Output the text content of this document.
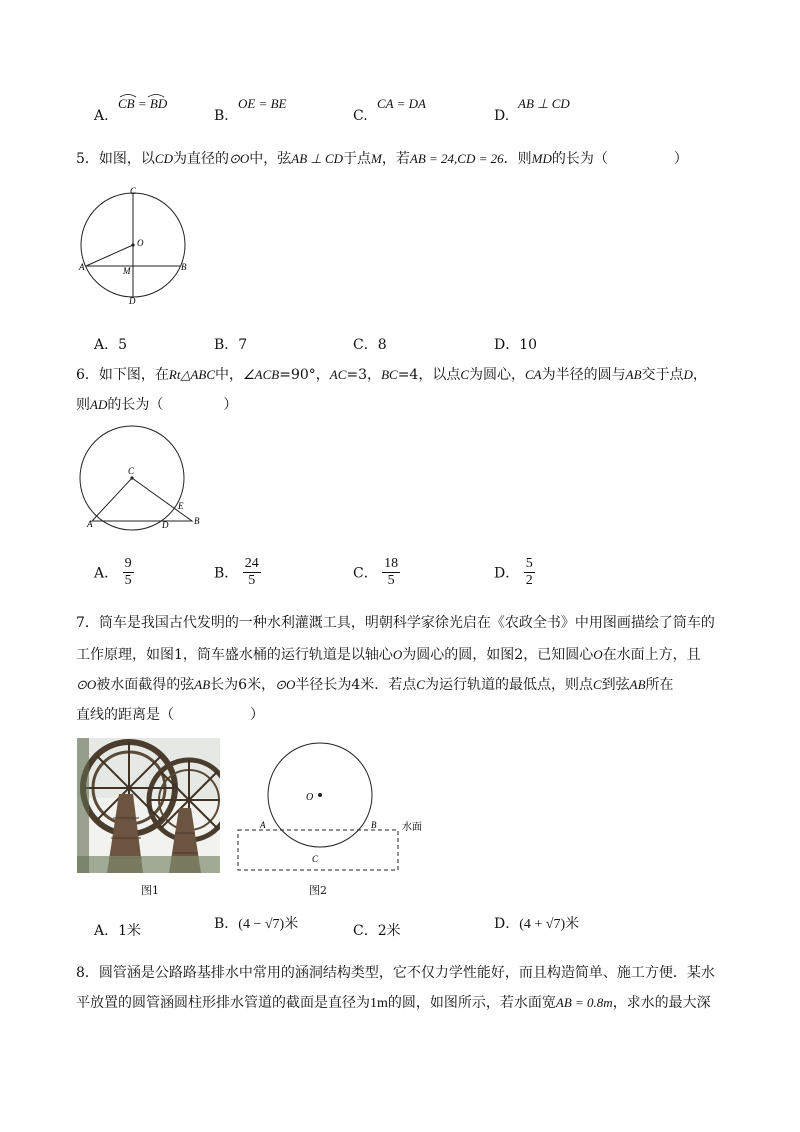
A.
CB = BD
B.
OE = BE
C.
CA = DA
D.
AB ⊥ CD
5．如图，以CD为直径的⊙O中，弦AB ⊥ CD于点M，若AB = 24,CD = 26．则MD的长为（	）
C
O
A	M	B
D
A．5	B．7	C．8	D．10
6．如下图，在Rt△ABC中，∠ACB=90°，AC=3，BC=4，以点C为圆心，CA为半径的圆与AB交于点D，
则AD的长为（	）
C
E
A	D	B
A． $\frac{9}{5}$	B． $\frac{24}{5}$	C． $\frac{18}{5}$	D． $\frac{5}{2}$
7．筒车是我国古代发明的一种水利灌溉工具，明朝科学家徐光启在《农政全书》中用图画描绘了筒车的
工作原理，如图1，筒车盛水桶的运行轨道是以轴心O为圆心的圆，如图2，已知圆心O在水面上方，且
⊙O被水面截得的弦AB长为6米，⊙O半径长为4米．若点C为运行轨道的最低点，则点C到弦AB所在
直线的距离是（	）
图1
O
A	B
C
水面
图2
A．1米	B．(4 − √7)米	C．2米	D．(4 + √7)米
8．圆管涵是公路路基排水中常用的涵洞结构类型，它不仅力学性能好，而且构造简单、施工方便．某水
平放置的圆管涵圆柱形排水管道的截面是直径为1m的圆，如图所示，若水面宽AB = 0.8m，求水的最大深
